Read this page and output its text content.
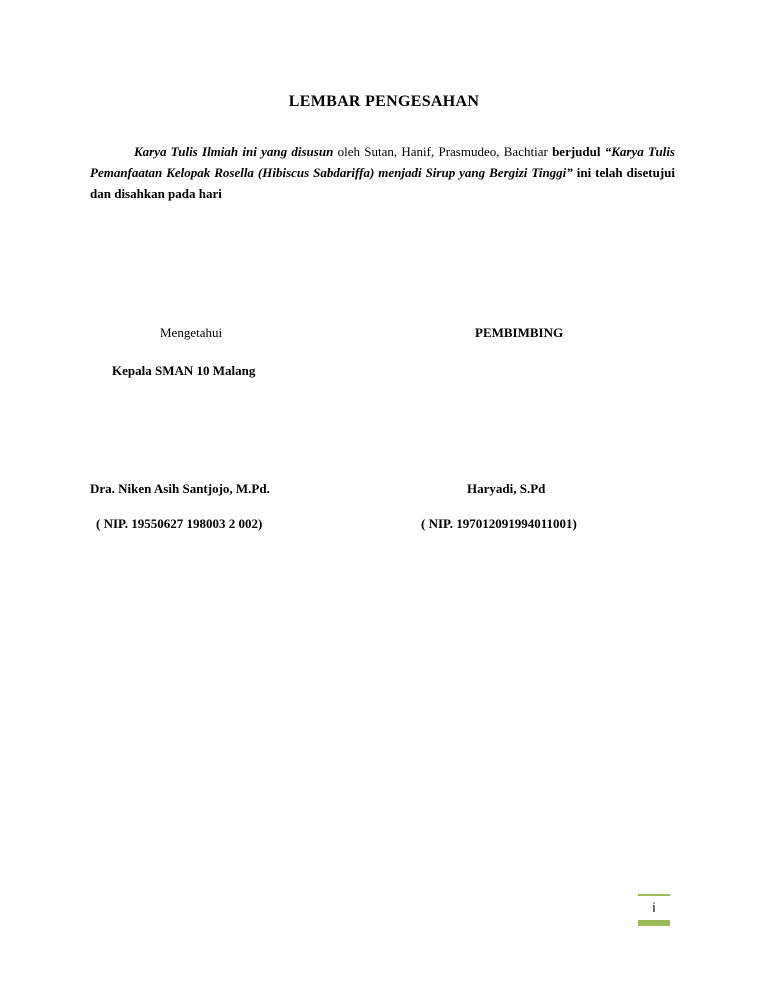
LEMBAR PENGESAHAN
Karya Tulis Ilmiah ini yang disusun oleh Sutan, Hanif, Prasmudeo, Bachtiar berjudul “Karya Tulis Pemanfaatan Kelopak Rosella (Hibiscus Sabdariffa) menjadi Sirup yang Bergizi Tinggi” ini telah disetujui dan disahkan pada hari
Mengetahui
Kepala SMAN 10 Malang
Dra. Niken Asih Santjojo, M.Pd.
( NIP. 19550627 198003 2 002)
PEMBIMBING
Haryadi, S.Pd
( NIP. 197012091994011001)
i
